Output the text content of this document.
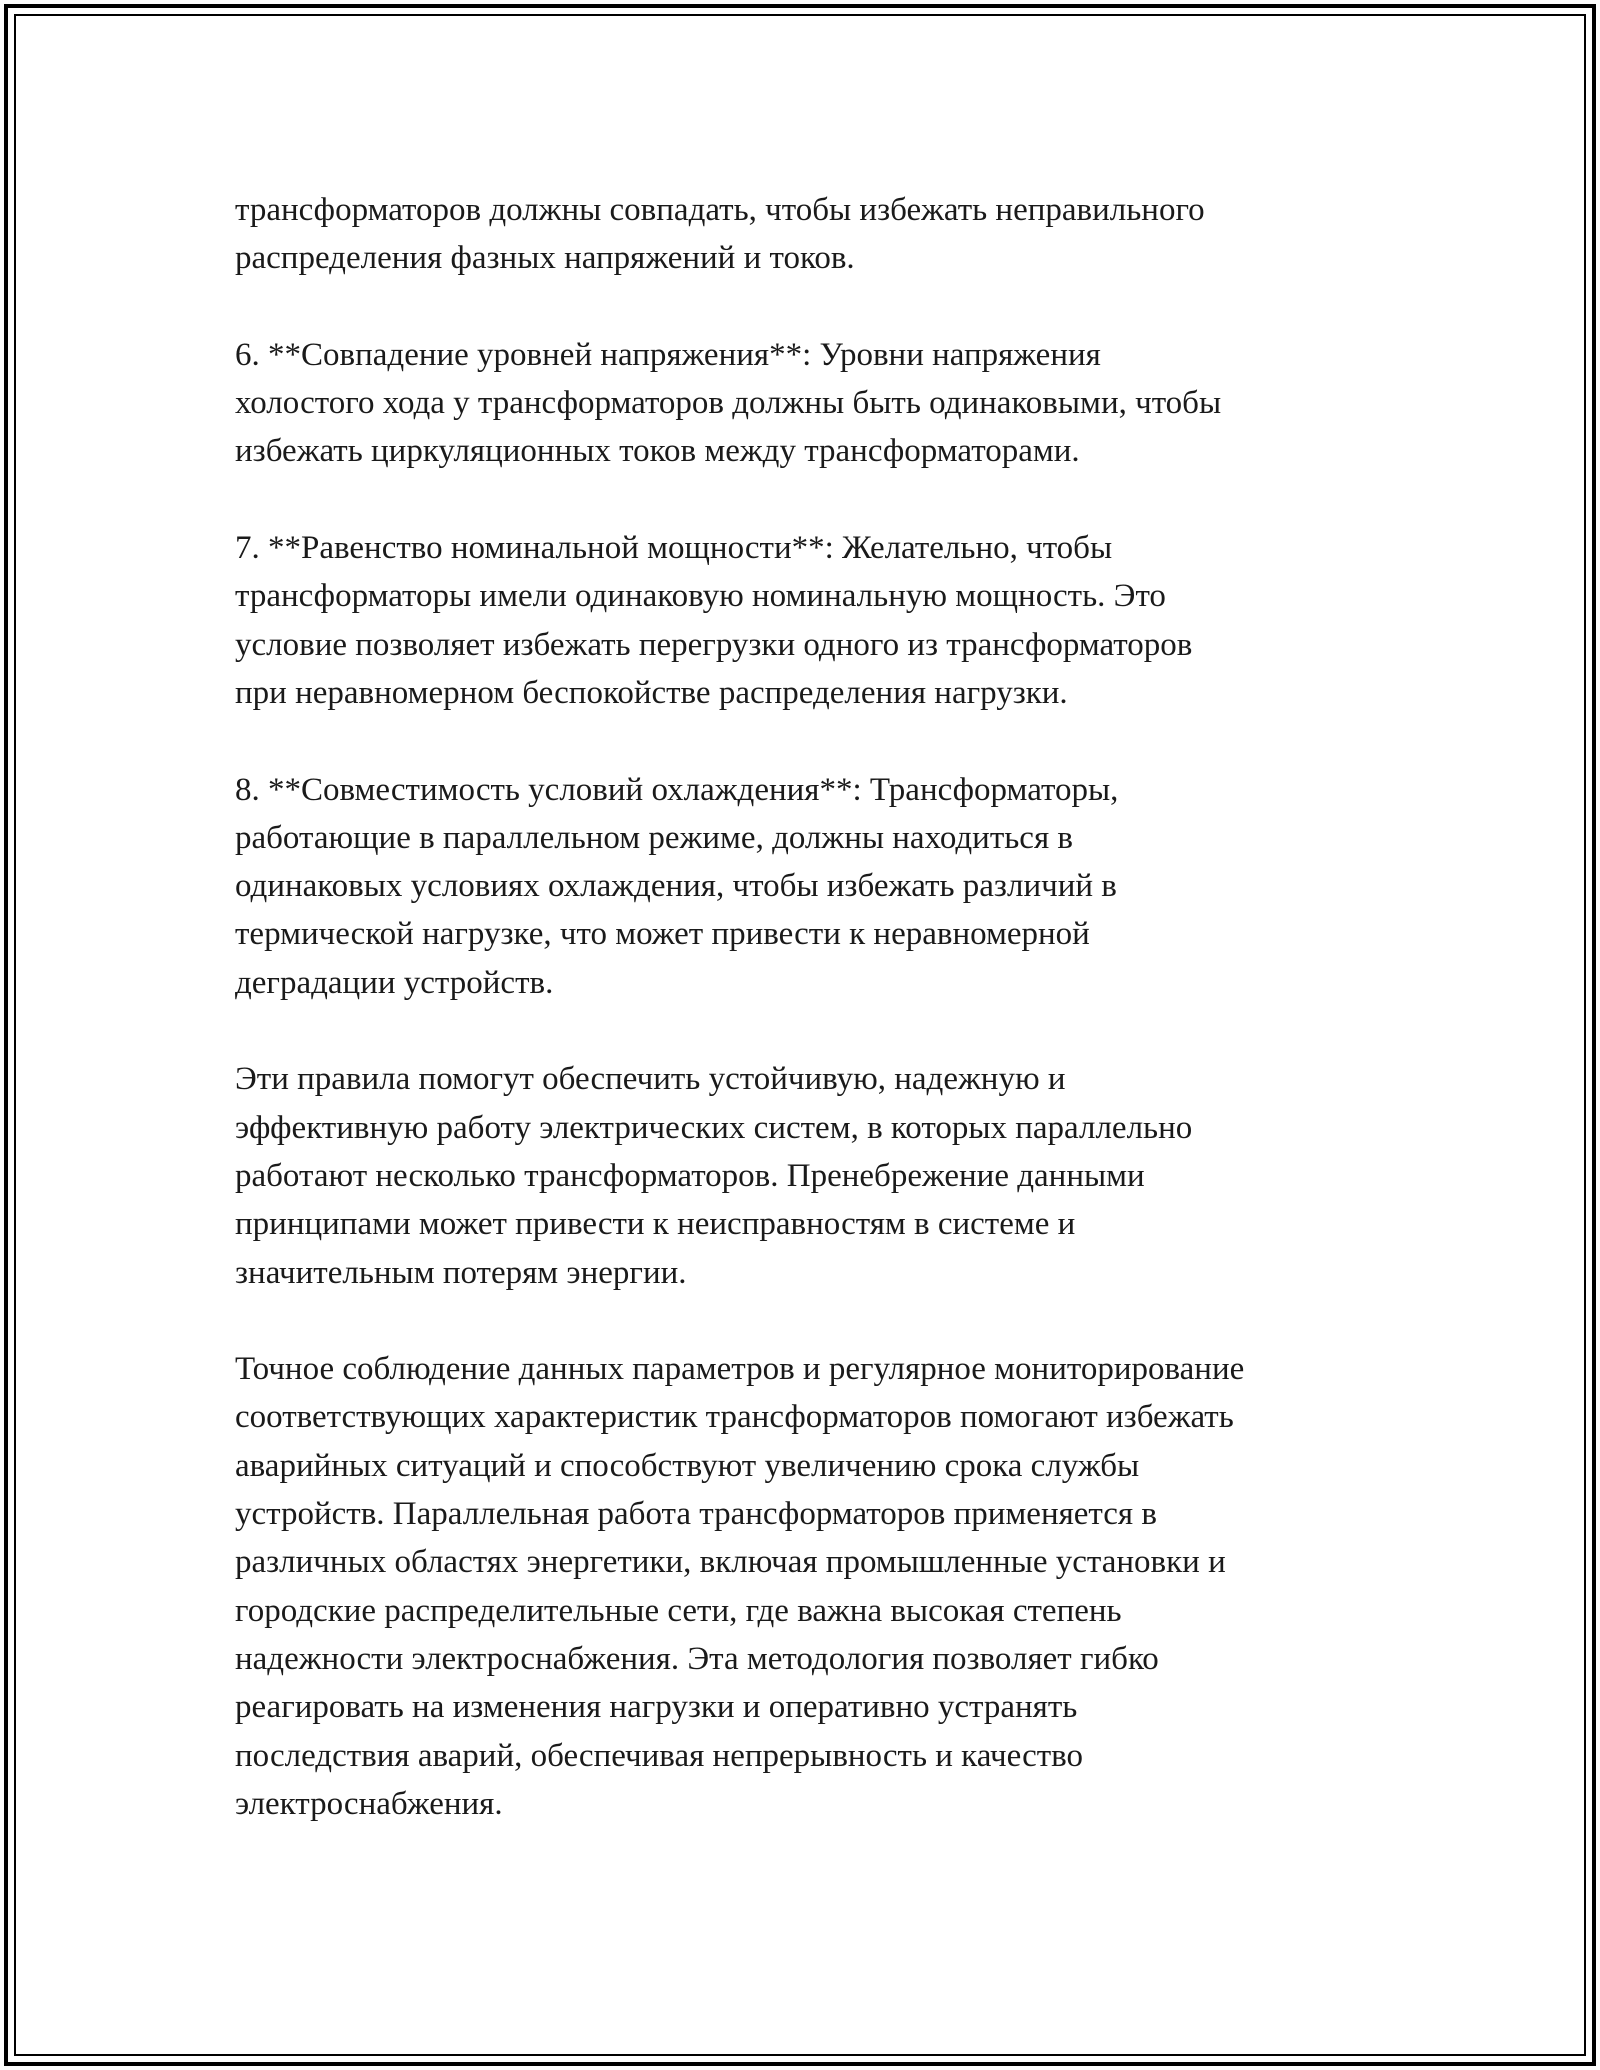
трансформаторов должны совпадать, чтобы избежать неправильного
распределения фазных напряжений и токов.

6. **Совпадение уровней напряжения**: Уровни напряжения
холостого хода у трансформаторов должны быть одинаковыми, чтобы
избежать циркуляционных токов между трансформаторами.

7. **Равенство номинальной мощности**: Желательно, чтобы
трансформаторы имели одинаковую номинальную мощность. Это
условие позволяет избежать перегрузки одного из трансформаторов
при неравномерном беспокойстве распределения нагрузки.

8. **Совместимость условий охлаждения**: Трансформаторы,
работающие в параллельном режиме, должны находиться в
одинаковых условиях охлаждения, чтобы избежать различий в
термической нагрузке, что может привести к неравномерной
деградации устройств.

Эти правила помогут обеспечить устойчивую, надежную и
эффективную работу электрических систем, в которых параллельно
работают несколько трансформаторов. Пренебрежение данными
принципами может привести к неисправностям в системе и
значительным потерям энергии.

Точное соблюдение данных параметров и регулярное мониторирование
соответствующих характеристик трансформаторов помогают избежать
аварийных ситуаций и способствуют увеличению срока службы
устройств. Параллельная работа трансформаторов применяется в
различных областях энергетики, включая промышленные установки и
городские распределительные сети, где важна высокая степень
надежности электроснабжения. Эта методология позволяет гибко
реагировать на изменения нагрузки и оперативно устранять
последствия аварий, обеспечивая непрерывность и качество
электроснабжения.
